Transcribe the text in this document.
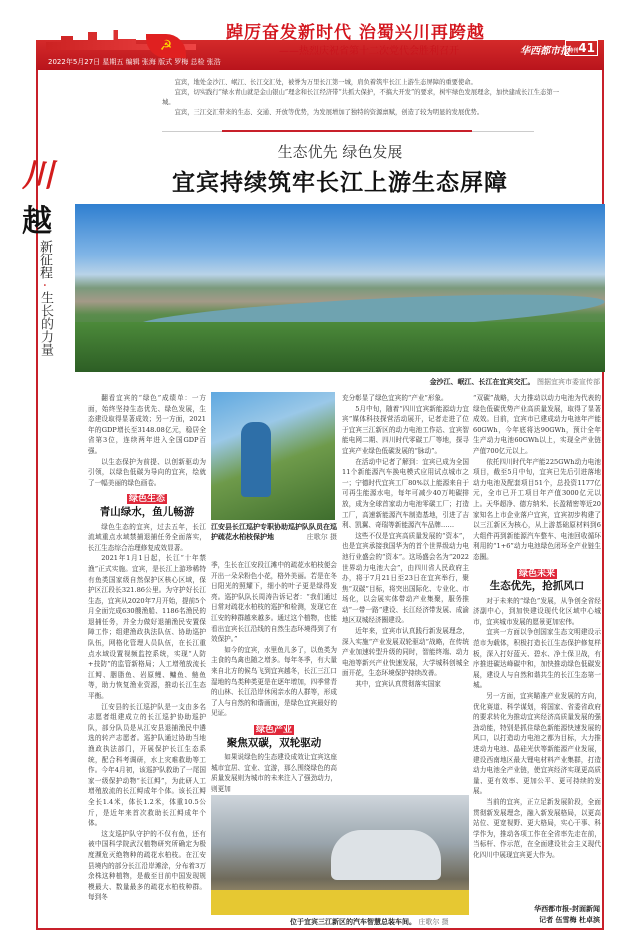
☭
踔厉奋发新时代 治蜀兴川再跨越
——热烈庆祝省第十二次党代会胜利召开
2022年5月27日 星期五 编辑 张海 版式 罗梅 总检 张浩
华西都市报
特刊41

宜宾，地处金沙江、岷江、长江交汇处，被誉为万里长江第一城，肩负着筑牢长江上游生态屏障的重要使命。

宜宾，切实践行“绿水青山就是金山银山”理念和长江经济带“共抓大保护，不搞大开发”的要求，树牢绿色发展理念，加快建成长江生态第一城。

宜宾，三江交汇带来的生态、交通、开放等优势，为发展增加了独特的资源禀赋，创造了较为明显的发展优势。

生态优先 绿色发展
宜宾持续筑牢长江上游生态屏障
川
越
新征程
·
生长的力量
金沙江、岷江、长江在宜宾交汇。 图据宜宾市委宣传部

翻看宜宾的“绿色”成绩单：一方面，始终坚持生态优先、绿色发展，生态建设取得显著成效；另一方面，2021年的GDP增长至3148.08亿元，稳居全省第3位，连续两年进入全国GDP百强。

以生态保护为前提、以创新驱动为引领，以绿色低碳为导向的宜宾，绘就了一幅美丽的绿色画卷。

绿色生态
青山绿水，鱼儿畅游

绿色生态的宜宾，过去五年，长江流域重点水域禁捕退捕任务全面落实，长江生态综合治理修复成效显著。

2021年1月1日起，长江“十年禁渔”正式实施。宜宾，是长江上游珍稀特有鱼类国家级自然保护区核心区域，保护区江段长321.86公里。为守护好长江生态，宜宾从2020年7月开始，提前5个月全面完成630艘渔船、1186名渔民的退捕任务，并全力做好退捕渔民安置保障工作；组建渔政执法队伍、协助巡护队伍，网格化管理人员队伍，在长江重点水域设置视频监控系统，实现“人防+技防”的监管新格局；人工增殖放流长江鲟、胭脂鱼、岩原鲤、鳙鱼、鲢鱼等，助力恢复渔业资源，推动长江生态平衡。

江安县的长江巡护队是一支由多名志愿者组建成立的长江巡护协助巡护队，部分队员是从江安县退捕渔民中遴选的转产志愿者。巡护队通过协助当地渔政执法部门，开展保护长江生态系统，配合科考调研，水上灾难救助等工作。今年4月初，该巡护队救助了一尾国家一级保护动物“长江鲟”，为此研人工增殖放流的长江鲟成年个体。该长江鲟全长1.4米，体长1.2米，体重10.5公斤，是近年来首次救助长江鲟成年个体。

这支巡护队守护的不仅有鱼，还有被中国科学院武汉植物研究所确定为极度濒危灭绝物种的疏花水柏枝。在江安县境内的部分长江沿岸滩涂，分布着3万余株这种植物，是截至目前中国发现规模最大、数量最多的疏花水柏枝种群。每到冬

江安县长江巡护专职协助巡护队队员在巡护疏花水柏枝保护地	庄歌尔 摄

季，生长在江安段江滩中的疏花水柏枝便会开出一朵朵粉色小花，格外美丽。若是在冬日阳光的照耀下，细小的叶子更是绿得发亮。巡护队队长周涛告诉记者：“我们通过日常对疏花水柏枝的巡护和检测，发现它在江安的种群越来越多。通过这个植物，也能看出宜宾长江沿线的自然生态环境得到了有效保护。”

如今的宜宾，水里鱼儿多了，以鱼类为主食的鸟禽也随之增多。每年冬季，有大量来自北方的候鸟飞到宜宾越冬，长江三江口湿地的鸟类种类更是在逐年增加，四季常青的山林、长江沿岸休闲亲水的人群等，形成了人与自然的和谐画面，是绿色宜宾最好的见证。

绿色产业
聚焦双碳，双轮驱动

如果说绿色的生态建设成效让宜宾这座城市宜居、宜业、宜游，那么围绕绿色的高质量发展则为城市的未来注入了强劲动力，则更加

充分彰显了绿色宜宾的“产业”形象。

5月中旬，随着“四川宜宾新能源动力宜宾”媒体科技探营活动展开，记者走进了位于宜宾三江新区的动力电池工作站、宜宾智能电网二期、四川时代零碳工厂等地，探寻宜宾产业绿色低碳发展的“脉动”。

在活动中记者了解到：宜宾已成为全国11个新能源汽车换电模式应用试点城市之一；宁德时代宜宾工厂80%以上能源来自于可再生能源水电，每年可减少40万吨碳排放，成为全球首家动力电池零碳工厂；打造工厂，高速新能源汽车制造基地，引进了吉利、凯翼、奇瑞等新能源汽车品牌……

这些不仅是宜宾高质量发展的“资本”，也是宜宾承接我国华为的首个世界级动力电池行业盛会的“资本”。这场盛会名为“2022世界动力电池大会”，由四川省人民政府主办，将于7月21日至23日在宜宾举行，聚焦“双碳”目标，将突出国际化、专业化、市场化，以会展实体带动产业集聚，服务推动“一带一路”建设、长江经济带发展、成渝地区双城经济圈建设。

近年来，宜宾市认真践行新发展理念，深入实施“产业发展双轮驱动”战略，在传统产业加速转型升级的同时，智能终端、动力电池等新兴产业快速发展，大学城科创城全面开花，生态环境保护持续改善。

其中，宜宾认真贯彻落实国家

位于宜宾三江新区的汽车智慧总装车间。 庄歌尔 摄

“双碳”战略，大力推动以动力电池为代表的绿色低碳优势产业高质量发展，取得了显著成效。目前，宜宾市已建成动力电池年产能60GWh，今年底将达90GWh，预计全年生产动力电池60GWh以上，实现全产业链产值700亿元以上。

依托四川时代年产能225GWh动力电池项目，截至5月中旬，宜宾已先后引进落地动力电池及配套项目51个，总投资1177亿元，全市已开工项目年产值3000亿元以上。天华超净、德方纳米、长盈精密等近20家知名上市企业落户宜宾，宜宾初步构建了以三江新区为核心，从上游基础原材料到6大组件再到新能源汽车整车、电池回收循环利用的“1+6”动力电池绿色闭环全产业链生态圈。

绿色未来
生态优先，抢抓风口

对于未来的“绿色”发展，从争创全省经济副中心，到加快建设现代化区域中心城市，宜宾城市发展的愿景更加宏伟。

宜宾一方面以争创国家生态文明建设示范市为载体，积极打造长江生态保护修复样板，深入打好蓝天、碧水、净土保卫战，有序推进碳达峰碳中和，加快推动绿色低碳发展，建设人与自然和谐共生的长江生态第一城。

另一方面，宜宾瞄准产业发展的方向，优化赛道、科学谋划，将国家、省委省政府的要求转化为推动宜宾经济高质量发展的强劲动能，特别是抓住绿色新能源快速发展的风口，以打造动力电池之都为目标，大力推进动力电池、晶硅光伏等新能源产业发展，建设西南地区最大锂电材料产业集群，打造动力电池全产业链，使宜宾经济实现更高质量、更有效率、更加公平、更可持续的发展。

当前的宜宾，正立足新发展阶段，全面贯彻新发展理念，融入新发展格局，以更高站位、更宽视野、更大格局，实心干事、科学作为，推动各项工作在全省率先走在前，当标杆、作示范，在全面建设社会主义现代化四川中展现宜宾更大作为。

华西都市报-封面新闻
记者 伍雪梅 杜卓滨
